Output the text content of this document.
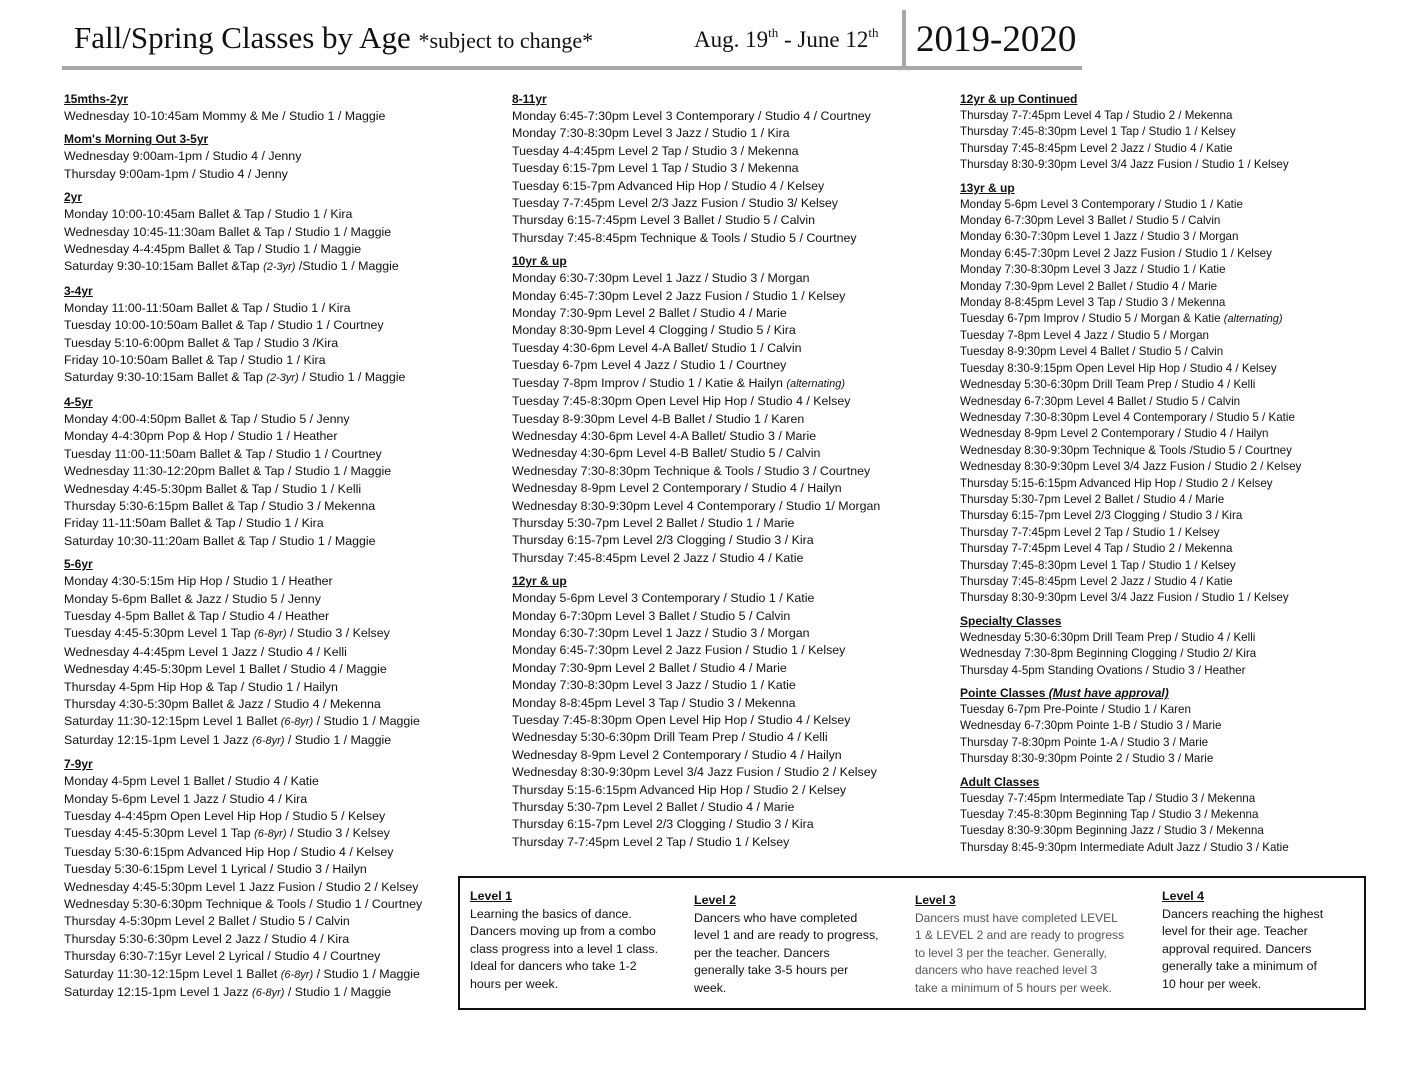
Fall/Spring Classes by Age *subject to change*	Aug. 19th - June 12th 2019-2020
15mths-2yr
Wednesday 10-10:45am Mommy & Me / Studio 1 / Maggie
Mom's Morning Out 3-5yr
Wednesday 9:00am-1pm / Studio 4 / Jenny
Thursday 9:00am-1pm / Studio 4 / Jenny
2yr
Monday 10:00-10:45am Ballet & Tap / Studio 1 / Kira
Wednesday 10:45-11:30am Ballet & Tap / Studio 1 / Maggie
Wednesday 4-4:45pm Ballet & Tap / Studio 1 / Maggie
Saturday 9:30-10:15am Ballet &Tap (2-3yr) /Studio 1 / Maggie
3-4yr
Monday 11:00-11:50am Ballet & Tap / Studio 1 / Kira
Tuesday 10:00-10:50am Ballet & Tap / Studio 1 / Courtney
Tuesday 5:10-6:00pm Ballet & Tap / Studio 3 /Kira
Friday 10-10:50am Ballet & Tap / Studio 1 / Kira
Saturday 9:30-10:15am Ballet & Tap (2-3yr) / Studio 1 / Maggie
4-5yr
Monday 4:00-4:50pm Ballet & Tap / Studio 5 / Jenny
Monday 4-4:30pm Pop & Hop / Studio 1 / Heather
Tuesday 11:00-11:50am Ballet & Tap / Studio 1 / Courtney
Wednesday 11:30-12:20pm Ballet & Tap / Studio 1 / Maggie
Wednesday 4:45-5:30pm Ballet & Tap / Studio 1 / Kelli
Thursday 5:30-6:15pm Ballet & Tap / Studio 3 / Mekenna
Friday 11-11:50am Ballet & Tap / Studio 1 / Kira
Saturday 10:30-11:20am Ballet & Tap / Studio 1 / Maggie
5-6yr
Monday 4:30-5:15m Hip Hop / Studio 1 / Heather
Monday 5-6pm Ballet & Jazz / Studio 5 / Jenny
Tuesday 4-5pm Ballet & Tap / Studio 4 / Heather
Tuesday 4:45-5:30pm Level 1 Tap (6-8yr) / Studio 3 / Kelsey
Wednesday 4-4:45pm Level 1 Jazz / Studio 4 / Kelli
Wednesday 4:45-5:30pm Level 1 Ballet / Studio 4 / Maggie
Thursday 4-5pm Hip Hop & Tap / Studio 1 / Hailyn
Thursday 4:30-5:30pm Ballet & Jazz / Studio 4 / Mekenna
Saturday 11:30-12:15pm Level 1 Ballet (6-8yr) / Studio 1 / Maggie
Saturday 12:15-1pm Level 1 Jazz (6-8yr) / Studio 1 / Maggie
7-9yr
Monday 4-5pm Level 1 Ballet / Studio 4 / Katie
Monday 5-6pm Level 1 Jazz / Studio 4 / Kira
Tuesday 4-4:45pm Open Level Hip Hop / Studio 5 / Kelsey
Tuesday 4:45-5:30pm Level 1 Tap (6-8yr) / Studio 3 / Kelsey
Tuesday 5:30-6:15pm Advanced Hip Hop / Studio 4 / Kelsey
Tuesday 5:30-6:15pm Level 1 Lyrical / Studio 3 / Hailyn
Wednesday 4:45-5:30pm Level 1 Jazz Fusion / Studio 2 / Kelsey
Wednesday 5:30-6:30pm Technique & Tools / Studio 1 / Courtney
Thursday 4-5:30pm Level 2 Ballet / Studio 5 / Calvin
Thursday 5:30-6:30pm Level 2 Jazz / Studio 4 / Kira
Thursday 6:30-7:15yr Level 2 Lyrical / Studio 4 / Courtney
Saturday 11:30-12:15pm Level 1 Ballet (6-8yr) / Studio 1 / Maggie
Saturday 12:15-1pm Level 1 Jazz (6-8yr) / Studio 1 / Maggie
8-11yr
Monday 6:45-7:30pm Level 3 Contemporary / Studio 4 / Courtney
Monday 7:30-8:30pm Level 3 Jazz / Studio 1 / Kira
Tuesday 4-4:45pm Level 2 Tap / Studio 3 / Mekenna
Tuesday 6:15-7pm Level 1 Tap / Studio 3 / Mekenna
Tuesday 6:15-7pm Advanced Hip Hop / Studio 4 / Kelsey
Tuesday 7-7:45pm Level 2/3 Jazz Fusion / Studio 3/ Kelsey
Thursday 6:15-7:45pm Level 3 Ballet / Studio 5 / Calvin
Thursday 7:45-8:45pm Technique & Tools / Studio 5 / Courtney
10yr & up
Monday 6:30-7:30pm Level 1 Jazz / Studio 3 / Morgan
Monday 6:45-7:30pm Level 2 Jazz Fusion / Studio 1 / Kelsey
Monday 7:30-9pm Level 2 Ballet / Studio 4 / Marie
Monday 8:30-9pm Level 4 Clogging / Studio 5 / Kira
Tuesday 4:30-6pm Level 4-A Ballet/ Studio 1 / Calvin
Tuesday 6-7pm Level 4 Jazz / Studio 1 / Courtney
Tuesday 7-8pm Improv / Studio 1 / Katie & Hailyn (alternating)
Tuesday 7:45-8:30pm Open Level Hip Hop / Studio 4 / Kelsey
Tuesday 8-9:30pm Level 4-B Ballet / Studio 1 / Karen
Wednesday 4:30-6pm Level 4-A Ballet/ Studio 3 / Marie
Wednesday 4:30-6pm Level 4-B Ballet/ Studio 5 / Calvin
Wednesday 7:30-8:30pm Technique & Tools / Studio 3 / Courtney
Wednesday 8-9pm Level 2 Contemporary / Studio 4 / Hailyn
Wednesday 8:30-9:30pm Level 4 Contemporary / Studio 1/ Morgan
Thursday 5:30-7pm Level 2 Ballet / Studio 1 / Marie
Thursday 6:15-7pm Level 2/3 Clogging / Studio 3 / Kira
Thursday 7:45-8:45pm Level 2 Jazz / Studio 4 / Katie
12yr & up
Monday 5-6pm Level 3 Contemporary / Studio 1 / Katie
Monday 6-7:30pm Level 3 Ballet / Studio 5 / Calvin
Monday 6:30-7:30pm Level 1 Jazz / Studio 3 / Morgan
Monday 6:45-7:30pm Level 2 Jazz Fusion / Studio 1 / Kelsey
Monday 7:30-9pm Level 2 Ballet / Studio 4 / Marie
Monday 7:30-8:30pm Level 3 Jazz / Studio 1 / Katie
Monday 8-8:45pm Level 3 Tap / Studio 3 / Mekenna
Tuesday 7:45-8:30pm Open Level Hip Hop / Studio 4 / Kelsey
Wednesday 5:30-6:30pm Drill Team Prep / Studio 4 / Kelli
Wednesday 8-9pm Level 2 Contemporary / Studio 4 / Hailyn
Wednesday 8:30-9:30pm Level 3/4 Jazz Fusion / Studio 2 / Kelsey
Thursday 5:15-6:15pm Advanced Hip Hop / Studio 2 / Kelsey
Thursday 5:30-7pm Level 2 Ballet / Studio 4 / Marie
Thursday 6:15-7pm Level 2/3 Clogging / Studio 3 / Kira
Thursday 7-7:45pm Level 2 Tap / Studio 1 / Kelsey
12yr & up Continued
Thursday 7-7:45pm Level 4 Tap / Studio 2 / Mekenna
Thursday 7:45-8:30pm Level 1 Tap / Studio 1 / Kelsey
Thursday 7:45-8:45pm Level 2 Jazz / Studio 4 / Katie
Thursday 8:30-9:30pm Level 3/4 Jazz Fusion / Studio 1 / Kelsey
13yr & up
Monday 5-6pm Level 3 Contemporary / Studio 1 / Katie
Monday 6-7:30pm Level 3 Ballet / Studio 5 / Calvin
Monday 6:30-7:30pm Level 1 Jazz / Studio 3 / Morgan
Monday 6:45-7:30pm Level 2 Jazz Fusion / Studio 1 / Kelsey
Monday 7:30-8:30pm Level 3 Jazz / Studio 1 / Katie
Monday 7:30-9pm Level 2 Ballet / Studio 4 / Marie
Monday 8-8:45pm Level 3 Tap / Studio 3 / Mekenna
Tuesday 6-7pm Improv / Studio 5 / Morgan & Katie (alternating)
Tuesday 7-8pm Level 4 Jazz / Studio 5 / Morgan
Tuesday 8-9:30pm Level 4 Ballet / Studio 5 / Calvin
Tuesday 8:30-9:15pm Open Level Hip Hop / Studio 4 / Kelsey
Wednesday 5:30-6:30pm Drill Team Prep / Studio 4 / Kelli
Wednesday 6-7:30pm Level 4 Ballet / Studio 5 / Calvin
Wednesday 7:30-8:30pm Level 4 Contemporary / Studio 5 / Katie
Wednesday 8-9pm Level 2 Contemporary / Studio 4 / Hailyn
Wednesday 8:30-9:30pm Technique & Tools /Studio 5 / Courtney
Wednesday 8:30-9:30pm Level 3/4 Jazz Fusion / Studio 2 / Kelsey
Thursday 5:15-6:15pm Advanced Hip Hop / Studio 2 / Kelsey
Thursday 5:30-7pm Level 2 Ballet / Studio 4 / Marie
Thursday 6:15-7pm Level 2/3 Clogging / Studio 3 / Kira
Thursday 7-7:45pm Level 2 Tap / Studio 1 / Kelsey
Thursday 7-7:45pm Level 4 Tap / Studio 2 / Mekenna
Thursday 7:45-8:30pm Level 1 Tap / Studio 1 / Kelsey
Thursday 7:45-8:45pm Level 2 Jazz / Studio 4 / Katie
Thursday 8:30-9:30pm Level 3/4 Jazz Fusion / Studio 1 / Kelsey
Specialty Classes
Wednesday 5:30-6:30pm Drill Team Prep / Studio 4 / Kelli
Wednesday 7:30-8pm Beginning Clogging / Studio 2/ Kira
Thursday 4-5pm Standing Ovations / Studio 3 / Heather
Pointe Classes (Must have approval)
Tuesday 6-7pm Pre-Pointe / Studio 1 / Karen
Wednesday 6-7:30pm Pointe 1-B / Studio 3 / Marie
Thursday 7-8:30pm Pointe 1-A / Studio 3 / Marie
Thursday 8:30-9:30pm Pointe 2 / Studio 3 / Marie
Adult Classes
Tuesday 7-7:45pm Intermediate Tap / Studio 3 / Mekenna
Tuesday 7:45-8:30pm Beginning Tap / Studio 3 / Mekenna
Tuesday 8:30-9:30pm Beginning Jazz / Studio 3 / Mekenna
Thursday 8:45-9:30pm Intermediate Adult Jazz / Studio 3 / Katie
Level 1
Learning the basics of dance.
Dancers moving up from a combo
class progress into a level 1 class.
Ideal for dancers who take 1-2
hours per week.
Level 2
Dancers who have completed
level 1 and are ready to progress,
per the teacher. Dancers
generally take 3-5 hours per
week.
Level 3
Dancers must have completed LEVEL
1 & LEVEL 2 and are ready to progress
to level 3 per the teacher. Generally,
dancers who have reached level 3
take a minimum of 5 hours per week.
Level 4
Dancers reaching the highest
level for their age. Teacher
approval required. Dancers
generally take a minimum of
10 hour per week.
